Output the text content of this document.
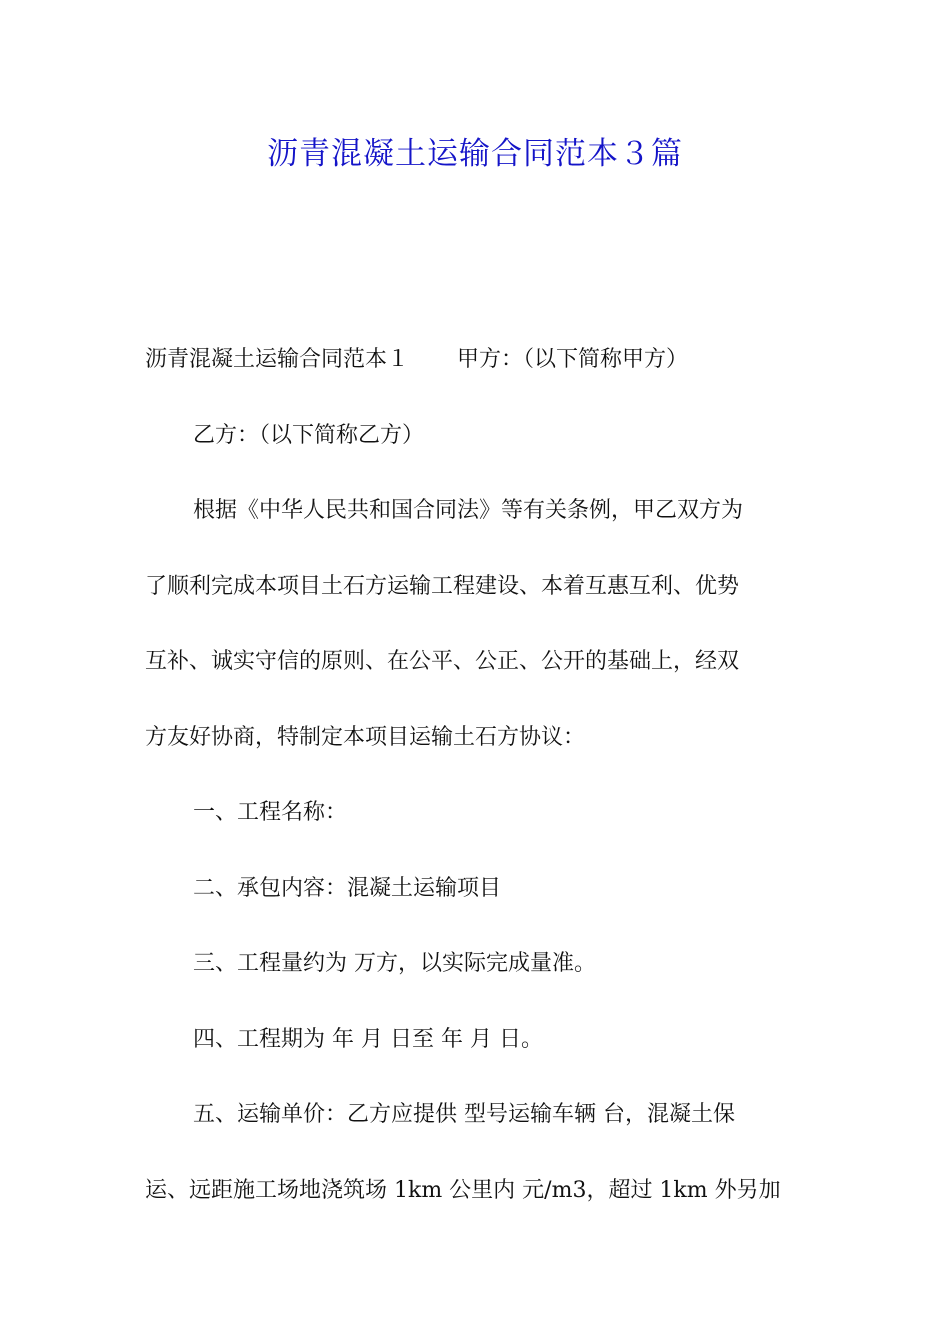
沥青混凝土运输合同范本３篇
沥青混凝土运输合同范本１ 甲方：（以下简称甲方）
乙方：（以下简称乙方）
根据《中华人民共和国合同法》等有关条例，甲乙双方为
了顺利完成本项目土石方运输工程建设、本着互惠互利、优势
互补、诚实守信的原则、在公平、公正、公开的基础上，经双
方友好协商，特制定本项目运输土石方协议：
一、工程名称：
二、承包内容：混凝土运输项目
三、工程量约为 万方，以实际完成量准。
四、工程期为 年 月 日至 年 月 日。
五、运输单价：乙方应提供 型号运输车辆 台，混凝土保
运、远距施工场地浇筑场 1km 公里内 元/m3，超过 1km 外另加
